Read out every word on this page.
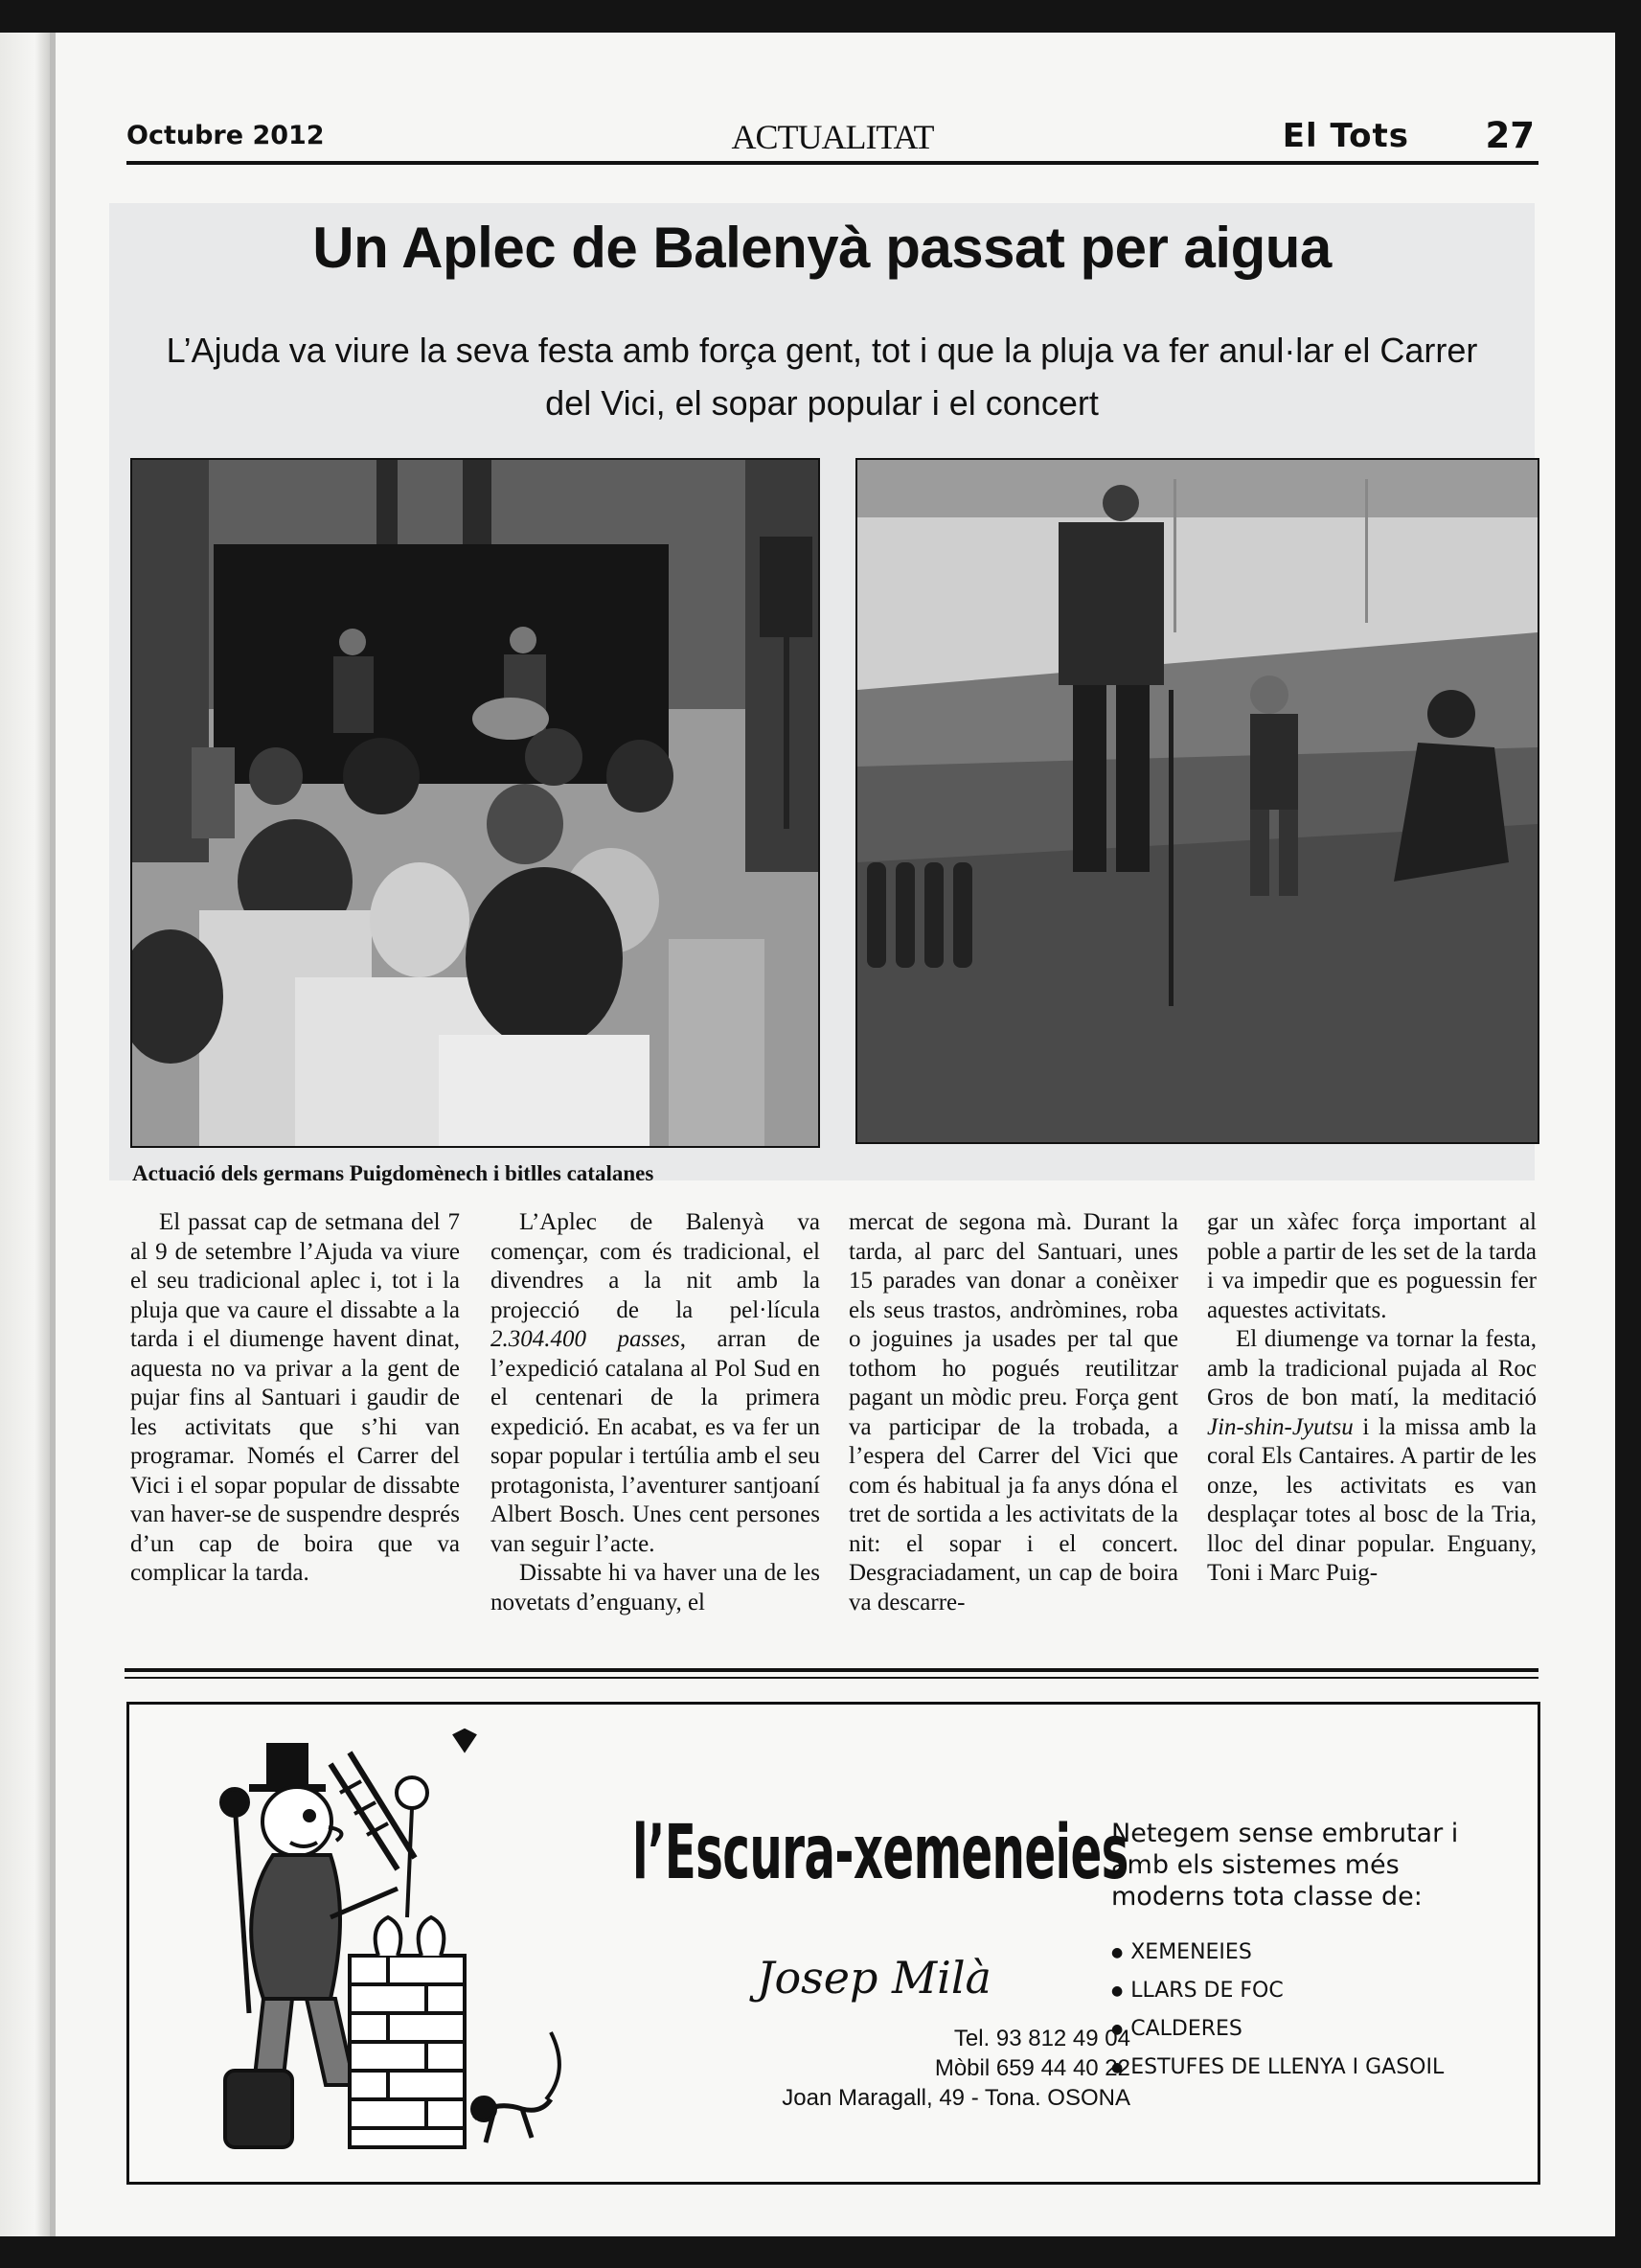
Octubre 2012	ACTUALITAT	El Tots 27
Un Aplec de Balenyà passat per aigua
L’Ajuda va viure la seva festa amb força gent, tot i que la pluja va fer anul·lar el Carrer del Vici, el sopar popular i el concert
Actuació dels germans Puigdomènech i bitlles catalanes

El passat cap de setmana del 7 al 9 de setembre l’Ajuda va viure el seu tradicional aplec i, tot i la pluja que va caure el dissabte a la tarda i el diumenge havent dinat, aquesta no va privar a la gent de pujar fins al Santuari i gaudir de les activitats que s’hi van programar. Només el Carrer del Vici i el sopar popular de dissabte van haver-se de suspendre després d’un cap de boira que va complicar la tarda.

L’Aplec de Balenyà va començar, com és tradicional, el divendres a la nit amb la projecció de la pel·lícula 2.304.400 passes, arran de l’expedició catalana al Pol Sud en el centenari de la primera expedició. En acabat, es va fer un sopar popular i tertúlia amb el seu protagonista, l’aventurer santjoaní Albert Bosch. Unes cent persones van seguir l’acte.

Dissabte hi va haver una de les novetats d’enguany, el

mercat de segona mà. Durant la tarda, al parc del Santuari, unes 15 parades van donar a conèixer els seus trastos, andròmines, roba o joguines ja usades per tal que tothom ho pogués reutilitzar pagant un mòdic preu. Força gent va participar de la trobada, a l’espera del Carrer del Vici que com és habitual ja fa anys dóna el tret de sortida a les activitats de la nit: el sopar i el concert. Desgraciadament, un cap de boira va descarre-

gar un xàfec força important al poble a partir de les set de la tarda i va impedir que es poguessin fer aquestes activitats.

El diumenge va tornar la festa, amb la tradicional pujada al Roc Gros de bon matí, la meditació Jin-shin-Jyutsu i la missa amb la coral Els Cantaires. A partir de les onze, les activitats es van desplaçar totes al bosc de la Tria, lloc del dinar popular. Enguany, Toni i Marc Puig-

l’Escura-xemeneies
Josep Milà
Tel. 93 812 49 04
Mòbil 659 44 40 22
Joan Maragall, 49 - Tona. OSONA
Netegem sense embrutar i amb els sistemes més moderns tota classe de:
● XEMENEIES
● LLARS DE FOC
● CALDERES
● ESTUFES DE LLENYA I GASOIL
